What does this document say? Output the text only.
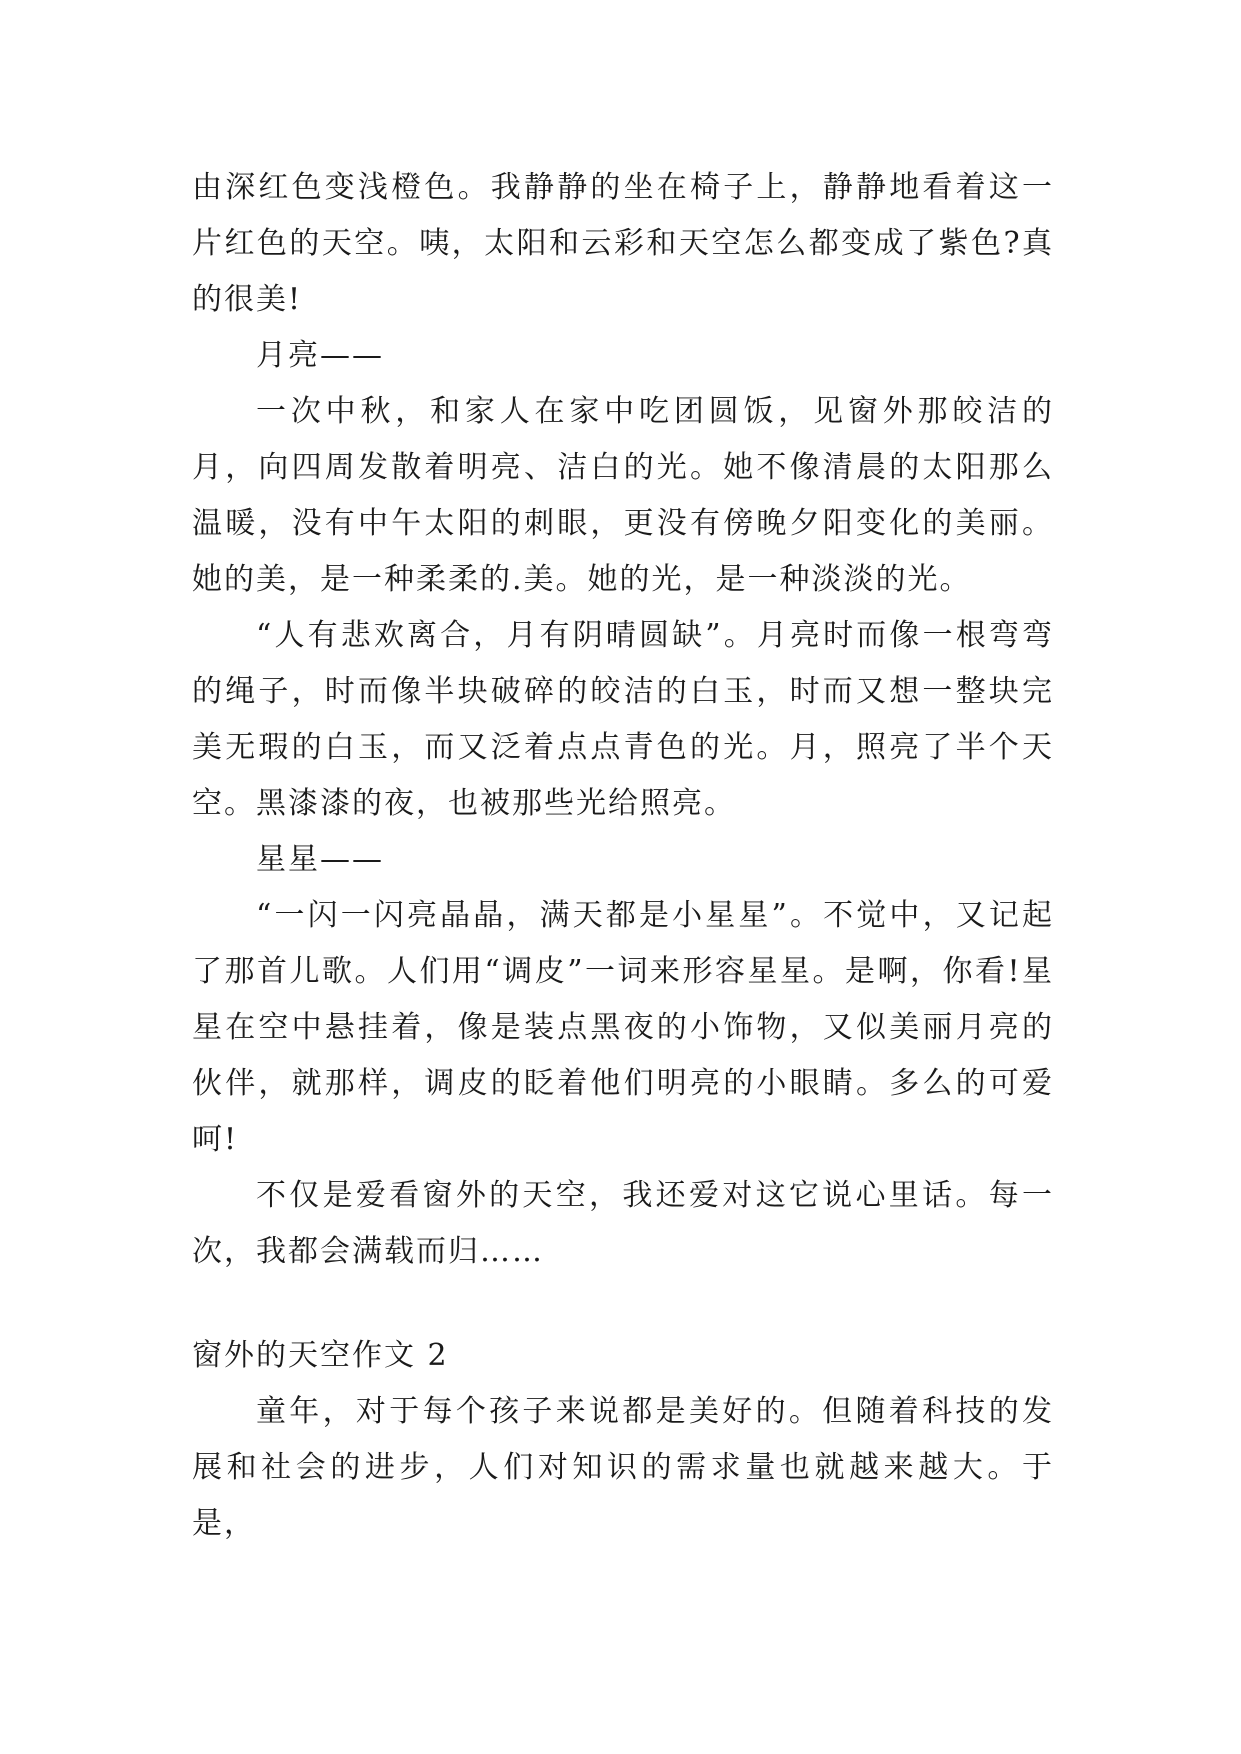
由深红色变浅橙色。我静静的坐在椅子上，静静地看着这一片红色的天空。咦，太阳和云彩和天空怎么都变成了紫色?真的很美!

月亮——

一次中秋，和家人在家中吃团圆饭，见窗外那皎洁的月，向四周发散着明亮、洁白的光。她不像清晨的太阳那么温暖，没有中午太阳的刺眼，更没有傍晚夕阳变化的美丽。她的美，是一种柔柔的.美。她的光，是一种淡淡的光。

“人有悲欢离合，月有阴晴圆缺”。月亮时而像一根弯弯的绳子，时而像半块破碎的皎洁的白玉，时而又想一整块完美无瑕的白玉，而又泛着点点青色的光。月，照亮了半个天空。黑漆漆的夜，也被那些光给照亮。

星星——

“一闪一闪亮晶晶，满天都是小星星”。不觉中，又记起了那首儿歌。人们用“调皮”一词来形容星星。是啊，你看!星星在空中悬挂着，像是装点黑夜的小饰物，又似美丽月亮的伙伴，就那样，调皮的眨着他们明亮的小眼睛。多么的可爱呵!

不仅是爱看窗外的天空，我还爱对这它说心里话。每一次，我都会满载而归……

窗外的天空作文 2

童年，对于每个孩子来说都是美好的。但随着科技的发展和社会的进步，人们对知识的需求量也就越来越大。于是，
